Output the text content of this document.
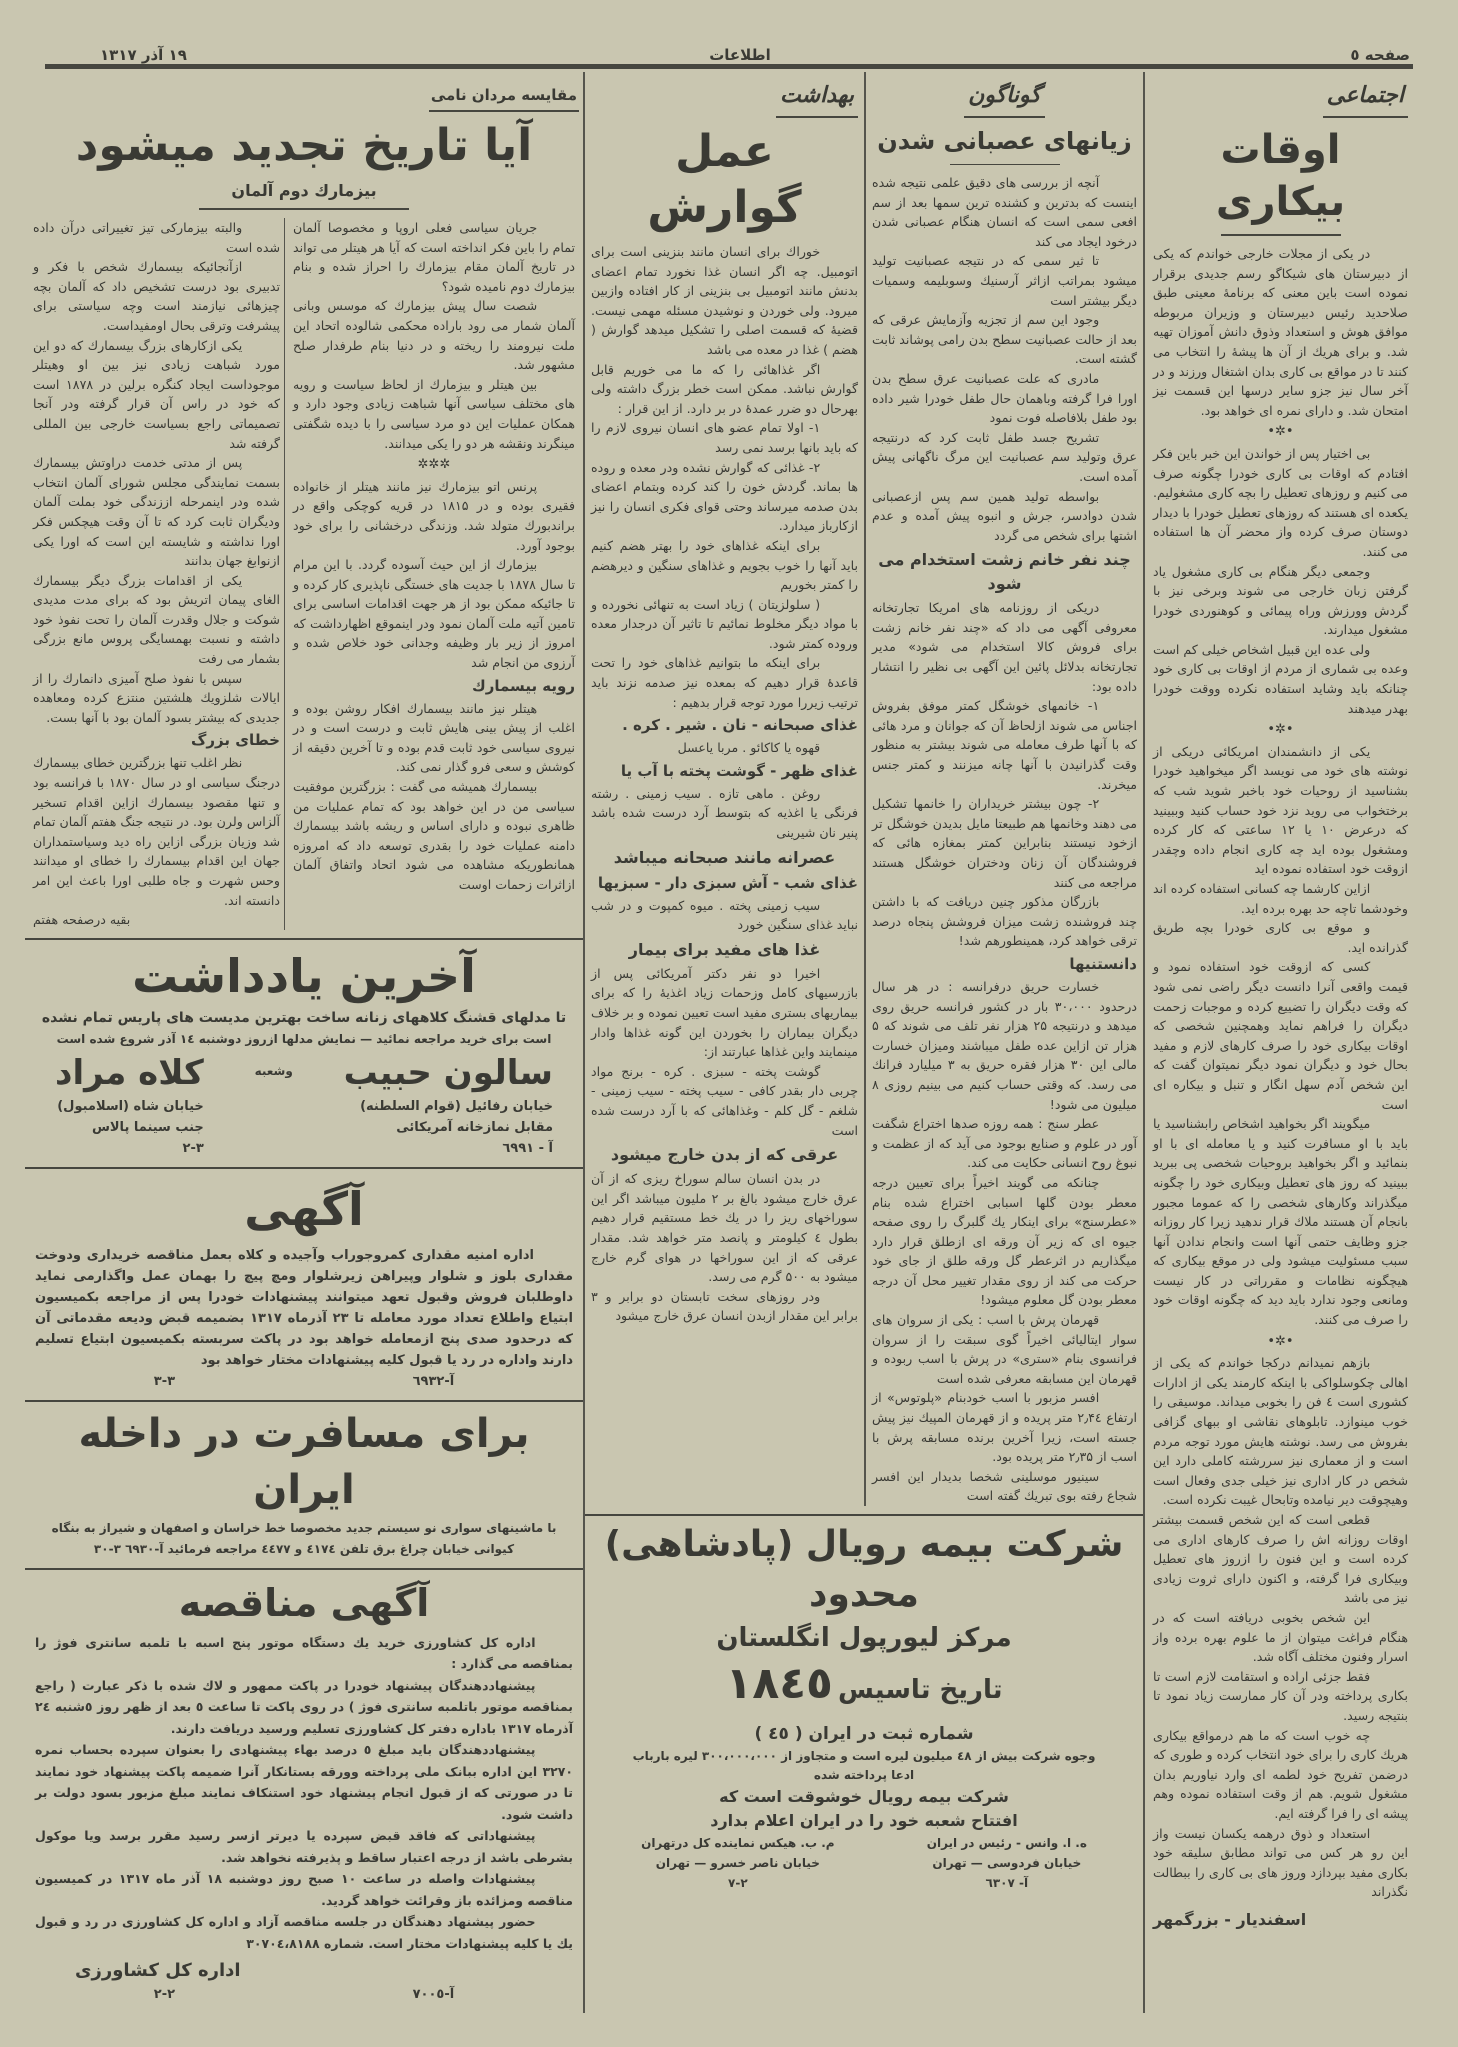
صفحه ٥
اطلاعات
۱۹ آذر ۱۳۱۷
مقایسه مردان نامی
آیا تاریخ تجدید میشود
بیزمارك دوم آلمان

والبته بیزمارکی تیز تغییراتی درآن داده شده است

ازآنجائیکه بیسمارك شخص با فکر و تدبیری بود درست تشخیص داد که آلمان بچه چیزهائی نیازمند است وچه سیاستی برای پیشرفت وترقی بحال اومفیداست.

یکی ازکارهای بزرگ بیسمارك که دو این مورد شباهت زیادی نیز بین او وهیتلر موجوداست ایجاد کنگره برلین در ۱۸۷۸ است که خود در راس آن قرار گرفته ودر آنجا تصمیماتی راجع بسیاست خارجی بین المللی گرفته شد

پس از مدتی خدمت دراوتش بیسمارك بسمت نمایندگی مجلس شورای آلمان انتخاب شده ودر اینمرحله اززندگی خود بملت آلمان ودیگران ثابت کرد که تا آن وقت هیچکس فکر اورا نداشته و شایسته این است که اورا یکی ازنوابغ جهان بدانند

یکی از اقدامات بزرگ دیگر بیسمارك الغای پیمان اتریش بود که برای مدت مدیدی شوکت و جلال وقدرت آلمان را تحت نفوذ خود داشته و نسبت بهمسایگی پروس مانع بزرگی بشمار می رفت

سپس با نفوذ صلح آمیزی دانمارك را از ایالات شلزویك هلشتین منتزع کرده ومعاهده جدیدی که بیشتر بسود آلمان بود با آنها بست.

خطای بزرگ

نظر اغلب تنها بزرگترین خطای بیسمارك درجنگ سیاسی او در سال ۱۸۷۰ با فرانسه بود و تنها مقصود بیسمارك ازاین اقدام تسخیر آلزاس ولرن بود. در نتیجه جنگ هفتم آلمان تمام شد وزیان بزرگی ازاین راه دید وسیاستمداران جهان این اقدام بیسمارك را خطای او میدانند وحس شهرت و جاه طلبی اورا باعث این امر دانسته اند.

بقیه درصفحه هفتم

جریان سیاسی فعلی اروپا و مخصوصا آلمان تمام را باین فکر انداخته است که آیا هر هیتلر می تواند در تاریخ آلمان مقام بیزمارك را احراز شده و بنام بیزمارك دوم نامیده شود؟

شصت سال پیش بیزمارك که موسس وبانی آلمان شمار می رود باراده محکمی شالوده اتحاد این ملت نیرومند را ریخته و در دنیا بنام طرفدار صلح مشهور شد.

بین هیتلر و بیزمارك از لحاظ سیاست و رویه های مختلف سیاسی آنها شباهت زیادی وجود دارد و همکان عملیات این دو مرد سیاسی را با دیده شگفتی مینگرند ونقشه هر دو را یکی میدانند.

✲✲✲

پرنس اتو بیزمارك نیز مانند هیتلر از خانواده فقیری بوده و در ۱۸۱۵ در قریه کوچکی واقع در براندبورك متولد شد. وزندگی درخشانی را برای خود بوجود آورد.

بیزمارك از این حیث آسوده گردد. با این مرام تا سال ۱۸۷۸ با جدیت های خستگی ناپذیری کار کرده و تا جائیکه ممکن بود از هر جهت اقدامات اساسی برای تامین آتیه ملت آلمان نمود ودر اینموقع اظهارداشت که امروز از زیر بار وظیفه وجدانی خود خلاص شده و آرزوی من انجام شد

رویه بیسمارك

هیتلر نیز مانند بیسمارك افکار روشن بوده و اغلب از پیش بینی هایش ثابت و درست است و در نیروی سیاسی خود ثابت قدم بوده و تا آخرین دقیقه از کوشش و سعی فرو گذار نمی کند.

بیسمارك همیشه می گفت : بزرگترین موفقیت سیاسی من در این خواهد بود که تمام عملیات من ظاهری نبوده و دارای اساس و ریشه باشد بیسمارك دامنه عملیات خود را بقدری توسعه داد که امروزه همانطوریکه مشاهده می شود اتحاد واتفاق آلمان ازاثرات زحمات اوست

آخرین یادداشت

تا مدلهای قشنگ کلاههای زنانه ساخت بهترین مدیست های پاریس تمام نشده

است برای خرید مراجعه نمائید — نمایش مدلها ازروز دوشنبه ١٤ آذر شروع شده است

سالون حبیب
خیابان رفائیل (قوام السلطنه)
مقابل نمازخانه آمریکائی
آ - ٦٩٩١
وشعبه
کلاه مراد
خیابان شاه (اسلامبول)
جنب سینما پالاس
٣-٢
آگهی

اداره امنیه مقداری کمروجوراب وآجیده و کلاه بعمل مناقصه خریداری ودوخت مقداری بلوز و شلوار وپیراهن زیرشلوار ومچ پیچ را بهمان عمل واگذارمی نماید داوطلبان فروش وقبول تعهد میتوانند پیشنهادات خودرا پس از مراجعه بکمیسیون ابتیاع واطلاع تعداد مورد معامله تا ٢٣ آذرماه ١٣١٧ بضمیمه قبض ودیعه مقدماتی آن که درحدود صدی پنج ازمعامله خواهد بود در پاکت سربسته بکمیسیون ابتیاع تسلیم دارند واداره در رد یا قبول کلیه پیشنهادات مختار خواهد بود

آ-٦٩٣٢
٣-٣
برای مسافرت در داخله ایران

با ماشینهای سواری نو سیستم جدید مخصوصا خط خراسان و اصفهان و شیراز به بنگاه

کیوانی خیابان چراغ برق تلفن ٤١٧٤ و ٤٤٧٧ مراجعه فرمائید آ-٦٩٣٠ ٣-٣٠

آگهی مناقصه

اداره کل کشاورزی خرید یك دستگاه موتور پنج اسبه با تلمبه سانتری فوژ را بمناقصه می گذارد :

پیشنهاددهندگان پیشنهاد خودرا در پاکت ممهور و لاك شده با ذکر عبارت ( راجع بمناقصه موتور باتلمبه سانتری فوژ ) در روی پاکت تا ساعت ٥ بعد از ظهر روز ٥شنبه ٢٤ آذرماه ١٣١٧ باداره دفتر کل کشاورزی تسلیم ورسید دریافت دارند.

پیشنهاددهندگان باید مبلغ ٥ درصد بهاء پیشنهادی را بعنوان سپرده بحساب نمره ٣٢٧٠ این اداره ببانک ملی پرداخته وورقه بستانکار آنرا ضمیمه پاکت پیشنهاد خود نمایند تا در صورتی که از قبول انجام پیشنهاد خود استنکاف نمایند مبلغ مزبور بسود دولت بر داشت شود.

پیشنهاداتی که فاقد قبض سپرده یا دیرتر ازسر رسید مقرر برسد ویا موکول بشرطی باشد از درجه اعتبار ساقط و پذیرفته نخواهد شد.

پیشنهادات واصله در ساعت ١٠ صبح روز دوشنبه ١٨ آذر ماه ١٣١٧ در کمیسیون مناقصه ومزائده باز وقرائت خواهد گردید.

حضور پیشنهاد دهندگان در جلسه مناقصه آزاد و اداره کل کشاورزی در رد و قبول یك یا کلیه پیشنهادات مختار است. شماره ٣٠٧٠٤،٨١٨٨

اداره کل کشاورزی
آ-٧٠٠٥
٢-٢
بهداشت
عمل گوارش

خوراك برای انسان مانند بنزینی است برای اتومبیل. چه اگر انسان غذا نخورد تمام اعضای بدنش مانند اتومبیل بی بنزینی از کار افتاده وازبین میرود. ولی خوردن و نوشیدن مسئله مهمی نیست. قضیهٔ که قسمت اصلی را تشکیل میدهد گوارش ( هضم ) غذا در معده می باشد

اگر غذاهائی را که ما می خوریم قابل گوارش نباشد. ممکن است خطر بزرگ داشته ولی بهرحال دو ضرر عمدهٔ در بر دارد. از این قرار :

۱- اولا تمام عضو های انسان نیروی لازم را که باید بانها برسد نمی رسد

۲- غذائی که گوارش نشده ودر معده و روده ها بماند. گردش خون را کند کرده وبتمام اعضای بدن صدمه میرساند وحتی قوای فکری انسان را نیز ازکارباز میدارد.

برای اینکه غذاهای خود را بهتر هضم کنیم باید آنها را خوب بجویم و غذاهای سنگین و دیرهضم را کمتر بخوریم

( سلولزیتان ) زیاد است به تنهائی نخورده و با مواد دیگر مخلوط نمائیم تا تاثیر آن درجدار معده وروده کمتر شود.

برای اینکه ما بتوانیم غذاهای خود را تحت قاعدهٔ قرار دهیم که بمعده نیز صدمه نزند باید ترتیب زیررا مورد توجه قرار بدهیم :

غذای صبحانه - نان . شیر . کره .

قهوه یا کاکائو . مربا یاعسل

غذای ظهر - گوشت پخته با آب یا

روغن . ماهی تازه . سیب زمینی . رشته فرنگی یا اغذیه که بتوسط آرد درست شده باشد پنیر نان شیرینی

عصرانه مانند صبحانه میباشد
غذای شب - آش سبزی دار - سبزیها

سیب زمینی پخته . میوه کمپوت و در شب نباید غذای سنگین خورد

غذا های مفید برای بیمار

اخیرا دو نفر دکتر آمریکائی پس از بازرسیهای کامل وزحمات زیاد اغذیهٔ را که برای بیماریهای بستری مفید است تعیین نموده و بر خلاف دیگران بیماران را بخوردن این گونه غذاها وادار مینمایند واین غذاها عبارتند از:

گوشت پخته - سبزی . کره - برنج مواد چربی دار بقدر کافی - سیب پخته - سیب زمینی - شلغم - گل کلم - وغذاهائی که با آرد درست شده است

عرقی که از بدن خارج میشود

در بدن انسان سالم سوراخ ریزی که از آن عرق خارج میشود بالغ بر ۲ ملیون میباشد اگر این سوراخهای ریز را در یك خط مستقیم قرار دهیم بطول ٤ کیلومتر و پانصد متر خواهد شد. مقدار عرقی که از این سوراخها در هوای گرم خارج میشود به ۵۰۰ گرم می رسد.

ودر روزهای سخت تابستان دو برابر و ۳ برابر این مقدار ازبدن انسان عرق خارج میشود

گوناگون
زیانهای عصبانی شدن

آنچه از بررسی های دقیق علمی نتیجه شده اینست که بدترین و کشنده ترین سمها بعد از سم افعی سمی است که انسان هنگام عصبانی شدن درخود ایجاد می کند

تا ثیر سمی که در نتیجه عصبانیت تولید میشود بمراتب ازاثر آرسنیك وسوبلیمه وسمیات دیگر بیشتر است

وجود این سم از تجزیه وآزمایش عرقی که بعد از حالت عصبانیت سطح بدن رامی پوشاند ثابت گشته است.

مادری که علت عصبانیت عرق سطح بدن اورا فرا گرفته وباهمان حال طفل خودرا شیر داده بود طفل بلافاصله فوت نمود

تشریح جسد طفل ثابت کرد که درنتیجه عرق وتولید سم عصبانیت این مرگ ناگهانی پیش آمده است.

بواسطه تولید همین سم پس ازعصبانی شدن دوادسر، جرش و انبوه پیش آمده و عدم اشتها برای شخص می گردد

چند نفر خانم زشت استخدام می شود

دریکی از روزنامه های امریکا تجارتخانه معروفی آگهی می داد که «چند نفر خانم زشت برای فروش کالا استخدام می شود» مدیر تجارتخانه بدلائل پائین این آگهی بی نظیر را انتشار داده بود:

۱- خانمهای خوشگل کمتر موفق بفروش اجناس می شوند ازلحاظ آن که جوانان و مرد هائی که با آنها طرف معامله می شوند بیشتر به منظور وقت گذرانیدن با آنها چانه میزنند و کمتر جنس میخرند.

۲- چون بیشتر خریداران را خانمها تشکیل می دهند وخانمها هم طبیعتا مایل بدیدن خوشگل تر ازخود نیستند بنابراین کمتر بمغازه هائی که فروشندگان آن زنان ودختران خوشگل هستند مراجعه می کنند

بازرگان مذکور چنین دریافت که با داشتن چند فروشنده زشت میزان فروشش پنجاه درصد ترقی خواهد کرد، همینطورهم شد!

دانستنیها

خسارت حریق درفرانسه : در هر سال درحدود ۳۰،۰۰۰ بار در کشور فرانسه حریق روی میدهد و درنتیجه ۲۵ هزار نفر تلف می شوند که ۵ هزار تن ازاین عده طفل میباشند ومیزان خسارت مالی این ۳۰ هزار فقره حریق به ۳ میلیارد فرانك می رسد. که وقتی حساب کنیم می بینیم روزی ۸ میلیون می شود!

عطر سنج : همه روزه صدها اختراع شگفت آور در علوم و صنایع بوجود می آید که از عظمت و نبوغ روح انسانی حکایت می کند.

چنانکه می گویند اخیراً برای تعیین درجه معطر بودن گلها اسبابی اختراع شده بنام «عطرسنج» برای اینکار یك گلبرگ را روی صفحه جیوه ای که زیر آن ورقه ای ازطلق قرار دارد میگذاریم در اثرعطر گل ورقه طلق از جای خود حرکت می کند از روی مقدار تغییر محل آن درجه معطر بودن گل معلوم میشود!

قهرمان پرش با اسب : یکی از سروان های سوار ایتالیائی اخیراً گوی سبقت را از سروان فرانسوی بنام «ستری» در پرش با اسب ربوده و قهرمان این مسابقه معرفی شده است

افسر مزبور با اسب خودبنام «پلوتوس» از ارتفاع ۲٫۴٤ متر پریده و از قهرمان المپیك نیز پیش جسته است، زیرا آخرین برنده مسابقه پرش با اسب از ۲٫۳۵ متر پریده بود.

سینیور موسلینی شخصا بدیدار این افسر شجاع رفته بوی تبریك گفته است

شرکت بیمه رویال (پادشاهی) محدود
مرکز لیورپول انگلستان
تاریخ تاسیس ١٨٤٥
شماره ثبت در ایران ( ٤٥ )

وجوه شرکت بیش از ٤٨ میلیون لیره است و متجاوز از ٣٠٠،٠٠٠،٠٠٠ لیره بارباب

ادعا پرداخته شده

شرکت بیمه رویال خوشوقت است که

افتتاح شعبه خود را در ایران اعلام بدارد

ه. ا. وانس - رئیس در ایران
خیابان فردوسی — تهران
آ- ٦٣٠٧
م. ب. هیکس نماینده کل درتهران
خیابان ناصر خسرو — تهران
٢-٧
اجتماعی
اوقات بیکاری

در یکی از مجلات خارجی خواندم که یکی از دبیرستان های شیکاگو رسم جدیدی برقرار نموده است باین معنی که برنامهٔ معینی طبق صلاحدید رئیس دبیرستان و وزیران مربوطه موافق هوش و استعداد وذوق دانش آموزان تهیه شد. و برای هریك از آن ها پیشهٔ را انتخاب می کنند تا در مواقع بی کاری بدان اشتغال ورزند و در آخر سال نیز جزو سایر درسها این قسمت نیز امتحان شد. و دارای نمره ای خواهد بود.

•✲•

بی اختیار پس از خواندن این خبر باین فکر افتادم که اوقات بی کاری خودرا چگونه صرف می کنیم و روزهای تعطیل را بچه کاری مشغولیم. یکعده ای هستند که روزهای تعطیل خودرا با دیدار دوستان صرف کرده واز محضر آن ها استفاده می کنند.

وجمعی دیگر هنگام بی کاری مشغول یاد گرفتن زبان خارجی می شوند وبرخی نیز با گردش وورزش وراه پیمائی و کوهنوردی خودرا مشغول میدارند.

ولی عده این قبیل اشخاص خیلی کم است وعده بی شماری از مردم از اوقات بی کاری خود چنانکه باید وشاید استفاده نکرده ووقت خودرا بهدر میدهند

•✲•

یکی از دانشمندان امریکائی دریکی از نوشته های خود می نویسد اگر میخواهید خودرا بشناسید از روحیات خود باخبر شوید شب که برختخواب می روید نزد خود حساب کنید وببینید که درعرض ۱۰ یا ۱۲ ساعتی که کار کرده ومشغول بوده اید چه کاری انجام داده وچقدر ازوقت خود استفاده نموده اید

ازاین کارشما چه کسانی استفاده کرده اند وخودشما تاچه حد بهره برده اید.

و موقع بی کاری خودرا بچه طریق گذرانده اید.

کسی که ازوقت خود استفاده نمود و قیمت واقعی آنرا دانست دیگر راضی نمی شود که وقت دیگران را تضییع کرده و موجبات زحمت دیگران را فراهم نماید وهمچنین شخصی که اوقات بیکاری خود را صرف کارهای لازم و مفید بحال خود و دیگران نمود دیگر نمیتوان گفت که این شخص آدم سهل انگار و تنبل و بیکاره ای است

میگویند اگر بخواهید اشخاص رابشناسید یا باید با او مسافرت کنید و یا معامله ای با او بنمائید و اگر بخواهید بروحیات شخصی پی ببرید ببینید که روز های تعطیل وبیکاری خود را چگونه میگذراند وکارهای شخصی را که عموما مجبور بانجام آن هستند ملاك قرار ندهید زیرا کار روزانه جزو وظایف حتمی آنها است وانجام ندادن آنها سبب مسئولیت میشود ولی در موقع بیکاری که هیچگونه نظامات و مقرراتی در کار نیست ومانعی وجود ندارد باید دید که چگونه اوقات خود را صرف می کنند.

•✲•

بازهم نمیدانم درکجا خواندم که یکی از اهالی چکوسلواکی با اینکه کارمند یکی از ادارات کشوری است ٤ فن را بخوبی میداند. موسیقی را خوب مینوازد. تابلوهای نقاشی او ببهای گزافی بفروش می رسد. نوشته هایش مورد توجه مردم است و از معماری نیز سررشته کاملی دارد این شخص در کار اداری نیز خیلی جدی وفعال است وهیچوقت دیر نیامده وتابحال غیبت نکرده است.

قطعی است که این شخص قسمت بیشتر اوقات روزانه اش را صرف کارهای اداری می کرده است و این فنون را ازروز های تعطیل وبیکاری فرا گرفته، و اکنون دارای ثروت زیادی نیز می باشد

این شخص بخوبی دریافته است که در هنگام فراغت میتوان از ما علوم بهره برده واز اسرار وفنون مختلف آگاه شد.

فقط جزئی اراده و استقامت لازم است تا بکاری پرداخته ودر آن کار ممارست زیاد نمود تا بنتیجه رسید.

چه خوب است که ما هم درمواقع بیکاری هریك کاری را برای خود انتخاب کرده و طوری که درضمن تفریح خود لطمه ای وارد نیاوریم بدان مشغول شویم. هم از وقت استفاده نموده وهم پیشه ای را فرا گرفته ایم.

استعداد و ذوق درهمه یکسان نیست واز این رو هر کس می تواند مطابق سلیقه خود بکاری مفید بپردازد وروز های بی کاری را ببطالت نگذراند

اسفندیار - بزرگمهر
